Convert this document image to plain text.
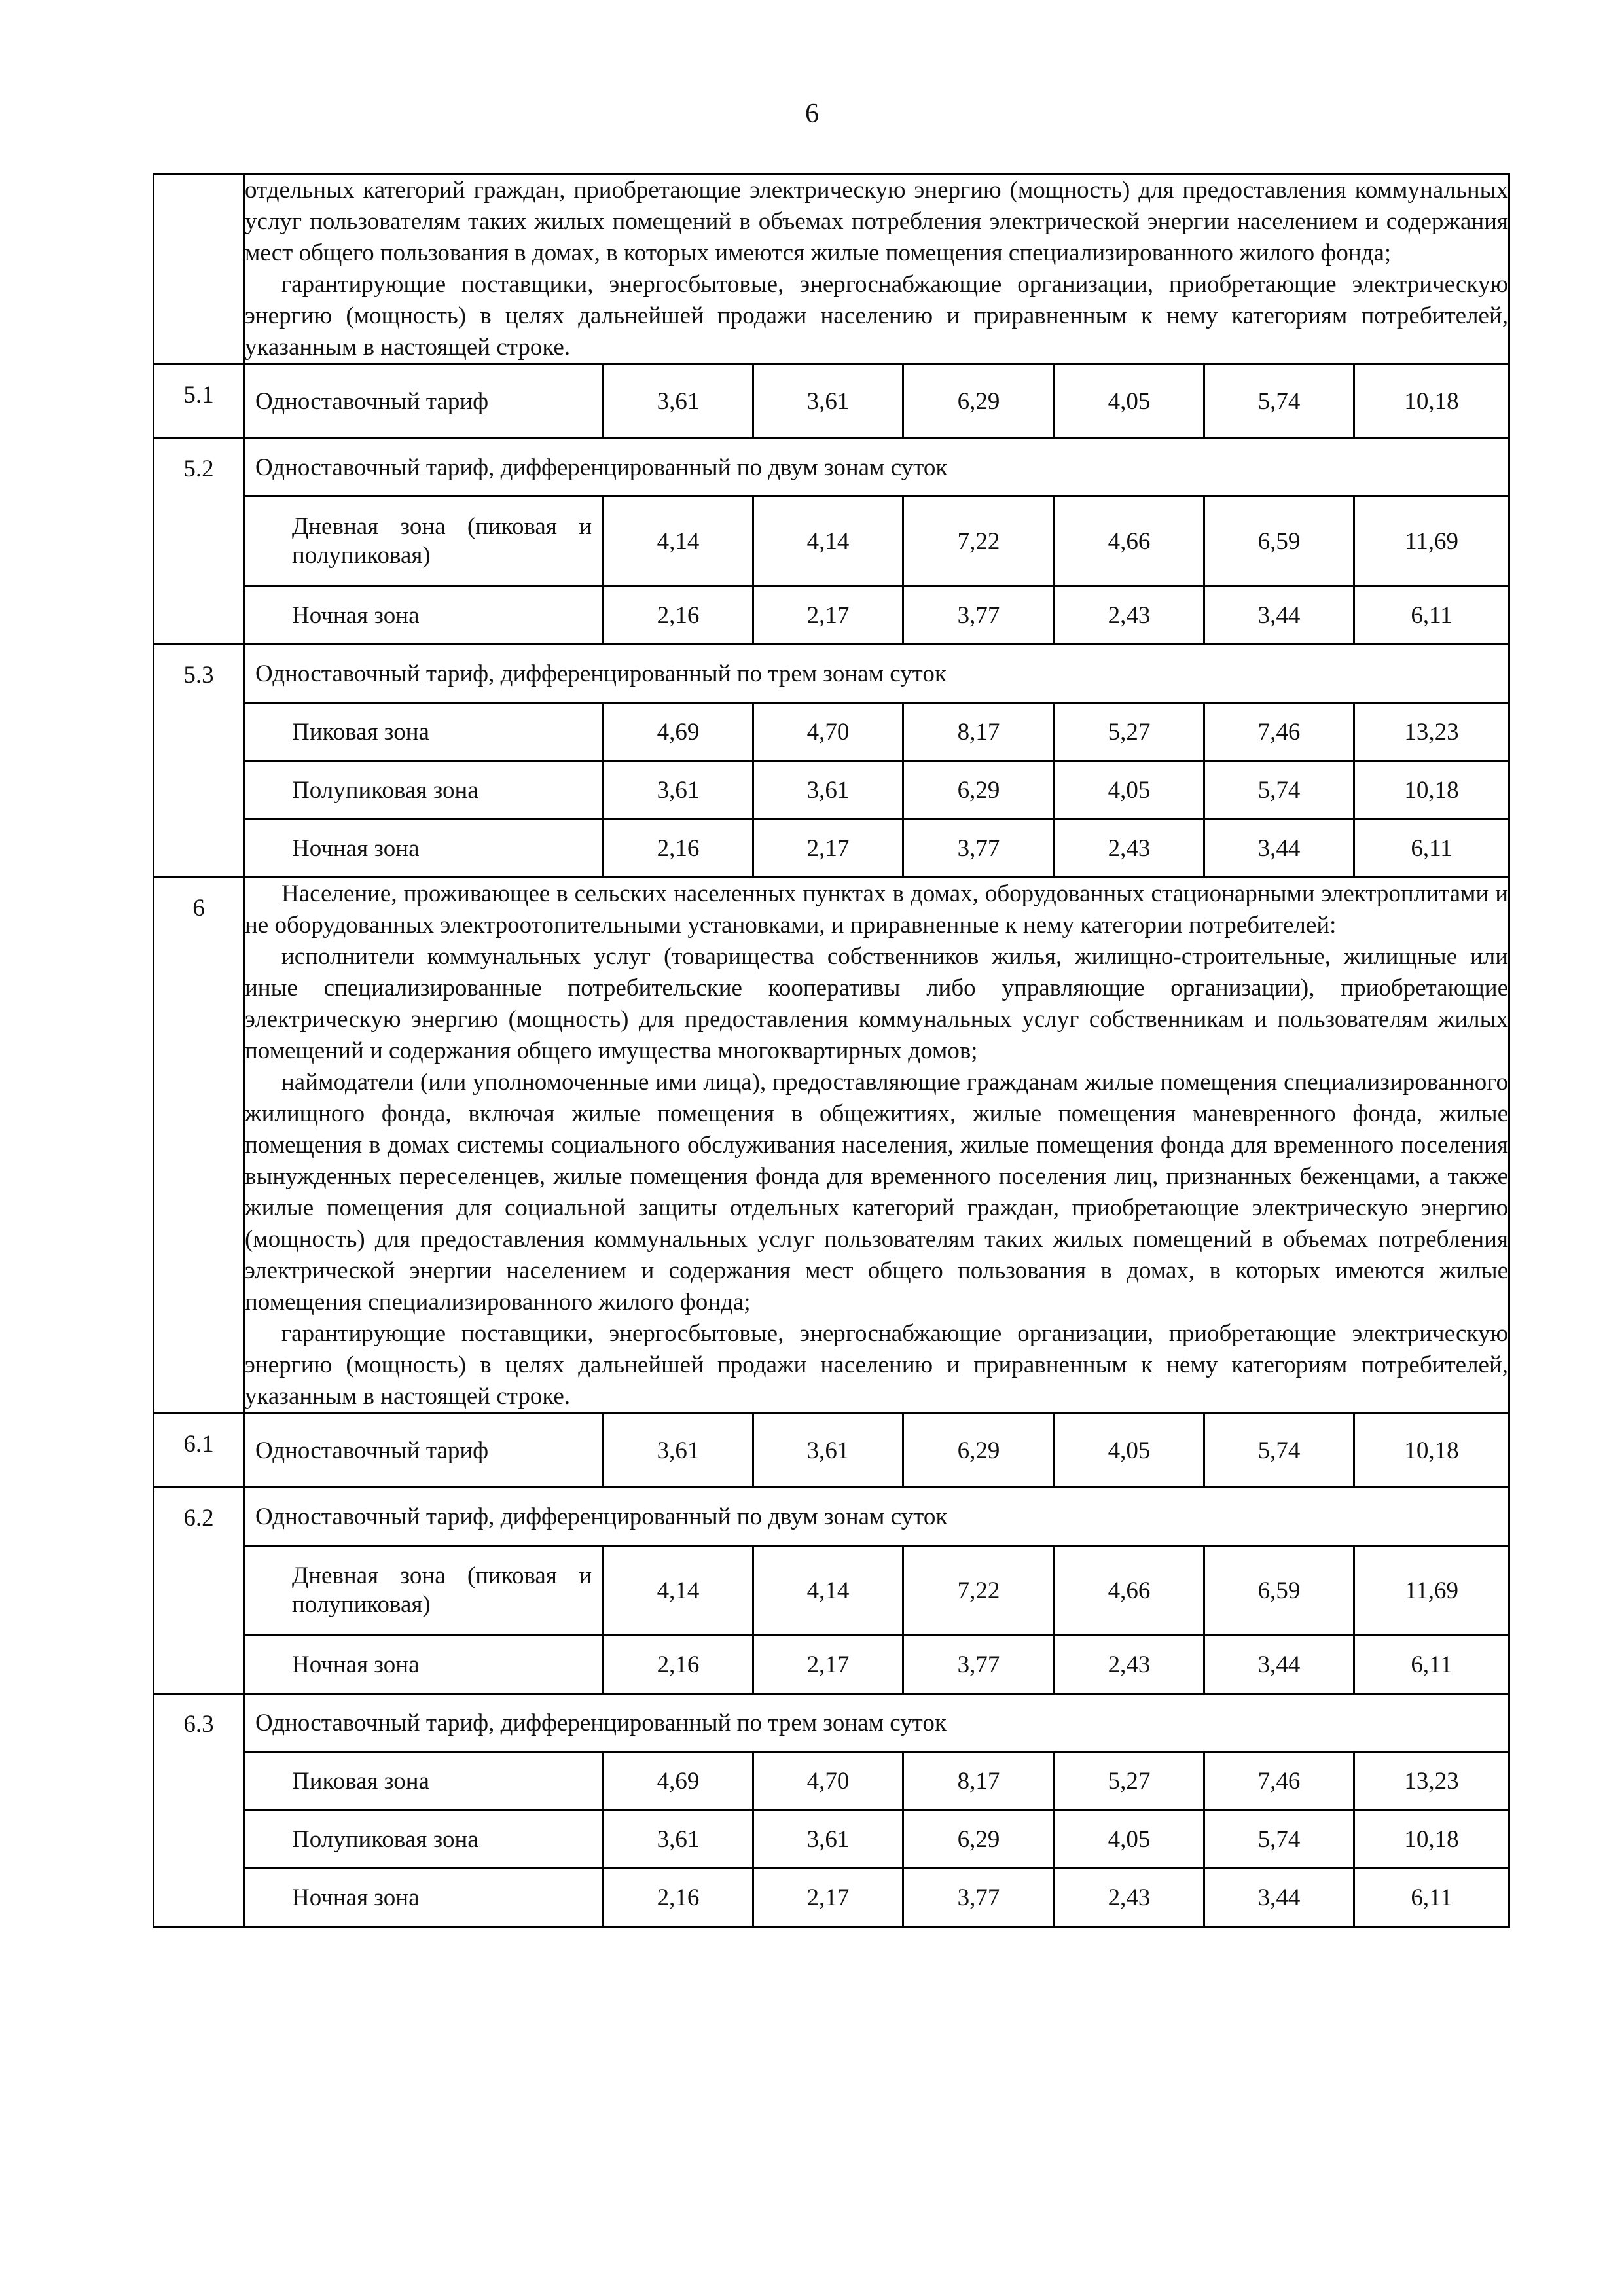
6

	отдельных категорий граждан, приобретающие электрическую энергию (мощность) для предоставления коммунальных услуг пользователям таких жилых помещений в объемах потребления электрической энергии населением и содержания мест общего пользования в домах, в которых имеются жилые помещения специализированного жилого фонда;

гарантирующие поставщики, энергосбытовые, энергоснабжающие организации, приобретающие электрическую энергию (мощность) в целях дальнейшей продажи населению и приравненным к нему категориям потребителей, указанным в настоящей строке.						

5.1	Одноставочный тариф	3,61	3,61	6,29	4,05	5,74	10,18
5.2	Одноставочный тариф, дифференцированный по двум зонам суток						
	Дневная зона (пиковая и полупиковая)	4,14	4,14	7,22	4,66	6,59	11,69
	Ночная зона	2,16	2,17	3,77	2,43	3,44	6,11
5.3	Одноставочный тариф, дифференцированный по трем зонам суток						
	Пиковая зона	4,69	4,70	8,17	5,27	7,46	13,23
	Полупиковая зона	3,61	3,61	6,29	4,05	5,74	10,18
	Ночная зона	2,16	2,17	3,77	2,43	3,44	6,11
6	Население, проживающее в сельских населенных пунктах в домах, оборудованных стационарными электроплитами и не оборудованных электроотопительными установками, и приравненные к нему категории потребителей:

исполнители коммунальных услуг (товарищества собственников жилья, жилищно-строительные, жилищные или иные специализированные потребительские кооперативы либо управляющие организации), приобретающие электрическую энергию (мощность) для предоставления коммунальных услуг собственникам и пользователям жилых помещений и содержания общего имущества многоквартирных домов;

наймодатели (или уполномоченные ими лица), предоставляющие гражданам жилые помещения специализированного жилищного фонда, включая жилые помещения в общежитиях, жилые помещения маневренного фонда, жилые помещения в домах системы социального обслуживания населения, жилые помещения фонда для временного поселения вынужденных переселенцев, жилые помещения фонда для временного поселения лиц, признанных беженцами, а также жилые помещения для социальной защиты отдельных категорий граждан, приобретающие электрическую энергию (мощность) для предоставления коммунальных услуг пользователям таких жилых помещений в объемах потребления электрической энергии населением и содержания мест общего пользования в домах, в которых имеются жилые помещения специализированного жилого фонда;

гарантирующие поставщики, энергосбытовые, энергоснабжающие организации, приобретающие электрическую энергию (мощность) в целях дальнейшей продажи населению и приравненным к нему категориям потребителей, указанным в настоящей строке.						

6.1	Одноставочный тариф	3,61	3,61	6,29	4,05	5,74	10,18
6.2	Одноставочный тариф, дифференцированный по двум зонам суток						
	Дневная зона (пиковая и полупиковая)	4,14	4,14	7,22	4,66	6,59	11,69
	Ночная зона	2,16	2,17	3,77	2,43	3,44	6,11
6.3	Одноставочный тариф, дифференцированный по трем зонам суток						
	Пиковая зона	4,69	4,70	8,17	5,27	7,46	13,23
	Полупиковая зона	3,61	3,61	6,29	4,05	5,74	10,18
	Ночная зона	2,16	2,17	3,77	2,43	3,44	6,11
